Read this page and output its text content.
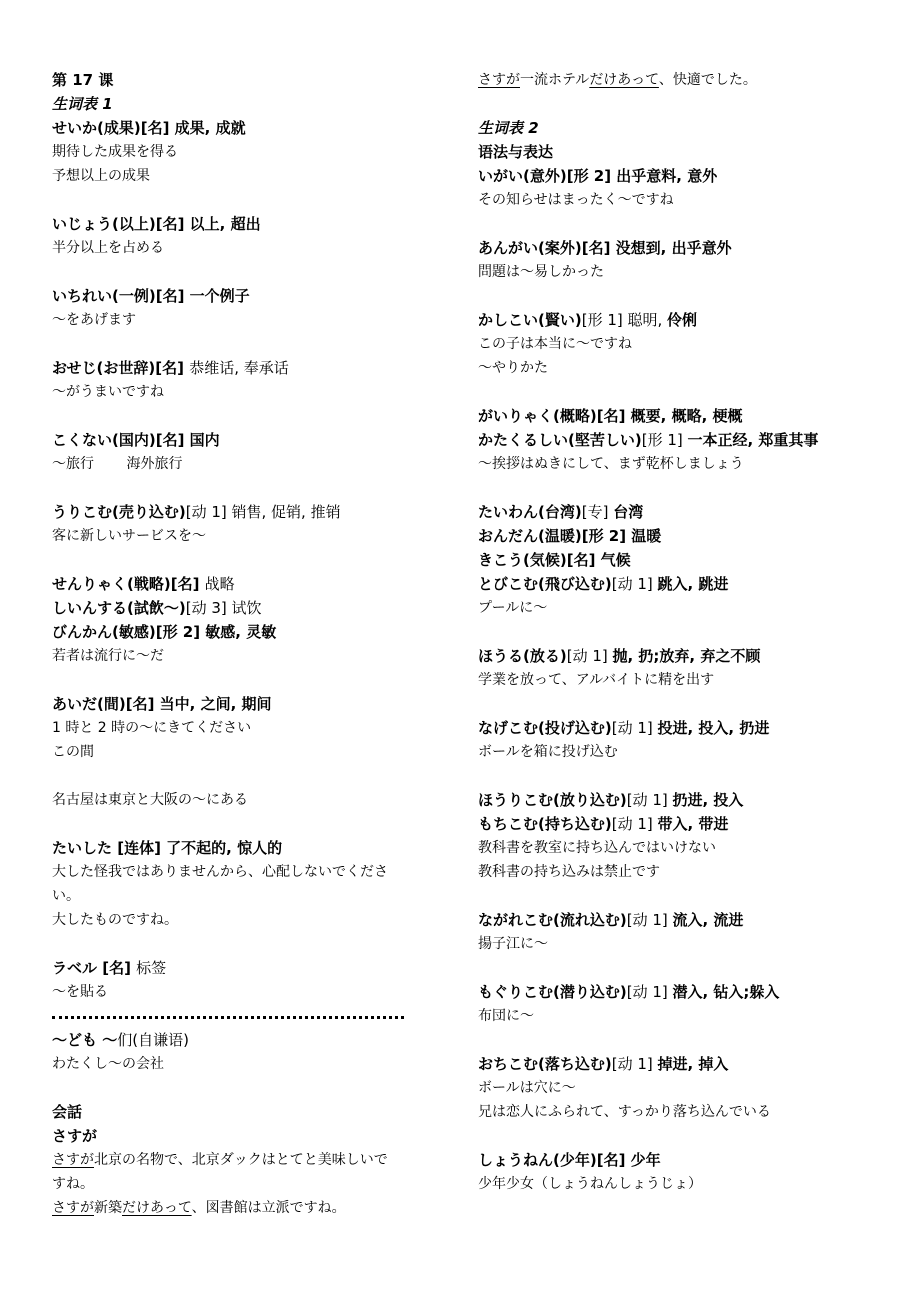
第 17 课
生词表 1
せいか(成果)[名] 成果, 成就
期待した成果を得る
予想以上の成果
いじょう(以上)[名] 以上, 超出
半分以上を占める
いちれい(一例)[名] 一个例子
～をあげます
おせじ(お世辞)[名] 恭维话, 奉承话
～がうまいですね
こくない(国内)[名] 国内
～旅行　　 海外旅行
うりこむ(売り込む)[动 1] 销售, 促销, 推销
客に新しいサービスを～
せんりゃく(戦略)[名] 战略
しいんする(試飲～)[动 3] 试饮
びんかん(敏感)[形 2] 敏感, 灵敏
若者は流行に～だ
あいだ(間)[名] 当中, 之间, 期间
1 時と 2 時の～にきてください
この間
名古屋は東京と大阪の～にある
たいした [连体] 了不起的, 惊人的
大した怪我ではありませんから、心配しないでくださ
い。
大したものですね。
ラベル [名] 标签
～を貼る
～ども ～们(自谦语)
わたくし～の会社
会話
さすが
さすが北京の名物で、北京ダックはとてと美味しいで
すね。
さすが新築だけあって、図書館は立派ですね。
さすが一流ホテルだけあって、快適でした。
生词表 2
语法与表达
いがい(意外)[形 2] 出乎意料, 意外
その知らせはまったく～ですね
あんがい(案外)[名] 没想到, 出乎意外
問題は～易しかった
かしこい(賢い)[形 1] 聪明, 伶俐
この子は本当に～ですね
～やりかた
がいりゃく(概略)[名] 概要, 概略, 梗概
かたくるしい(堅苦しい)[形 1] 一本正经, 郑重其事
～挨拶はぬきにして、まず乾杯しましょう
たいわん(台湾)[专] 台湾
おんだん(温暖)[形 2] 温暖
きこう(気候)[名] 气候
とびこむ(飛び込む)[动 1] 跳入, 跳进
プールに～
ほうる(放る)[动 1] 抛, 扔;放弃, 弃之不顾
学業を放って、アルバイトに精を出す
なげこむ(投げ込む)[动 1] 投进, 投入, 扔进
ボールを箱に投げ込む
ほうりこむ(放り込む)[动 1] 扔进, 投入
もちこむ(持ち込む)[动 1] 带入, 带进
教科書を教室に持ち込んではいけない
教科書の持ち込みは禁止です
ながれこむ(流れ込む)[动 1] 流入, 流进
揚子江に～
もぐりこむ(潜り込む)[动 1] 潜入, 钻入;躲入
布団に～
おちこむ(落ち込む)[动 1] 掉进, 掉入
ボールは穴に～
兄は恋人にふられて、すっかり落ち込んでいる
しょうねん(少年)[名] 少年
少年少女（しょうねんしょうじょ）
